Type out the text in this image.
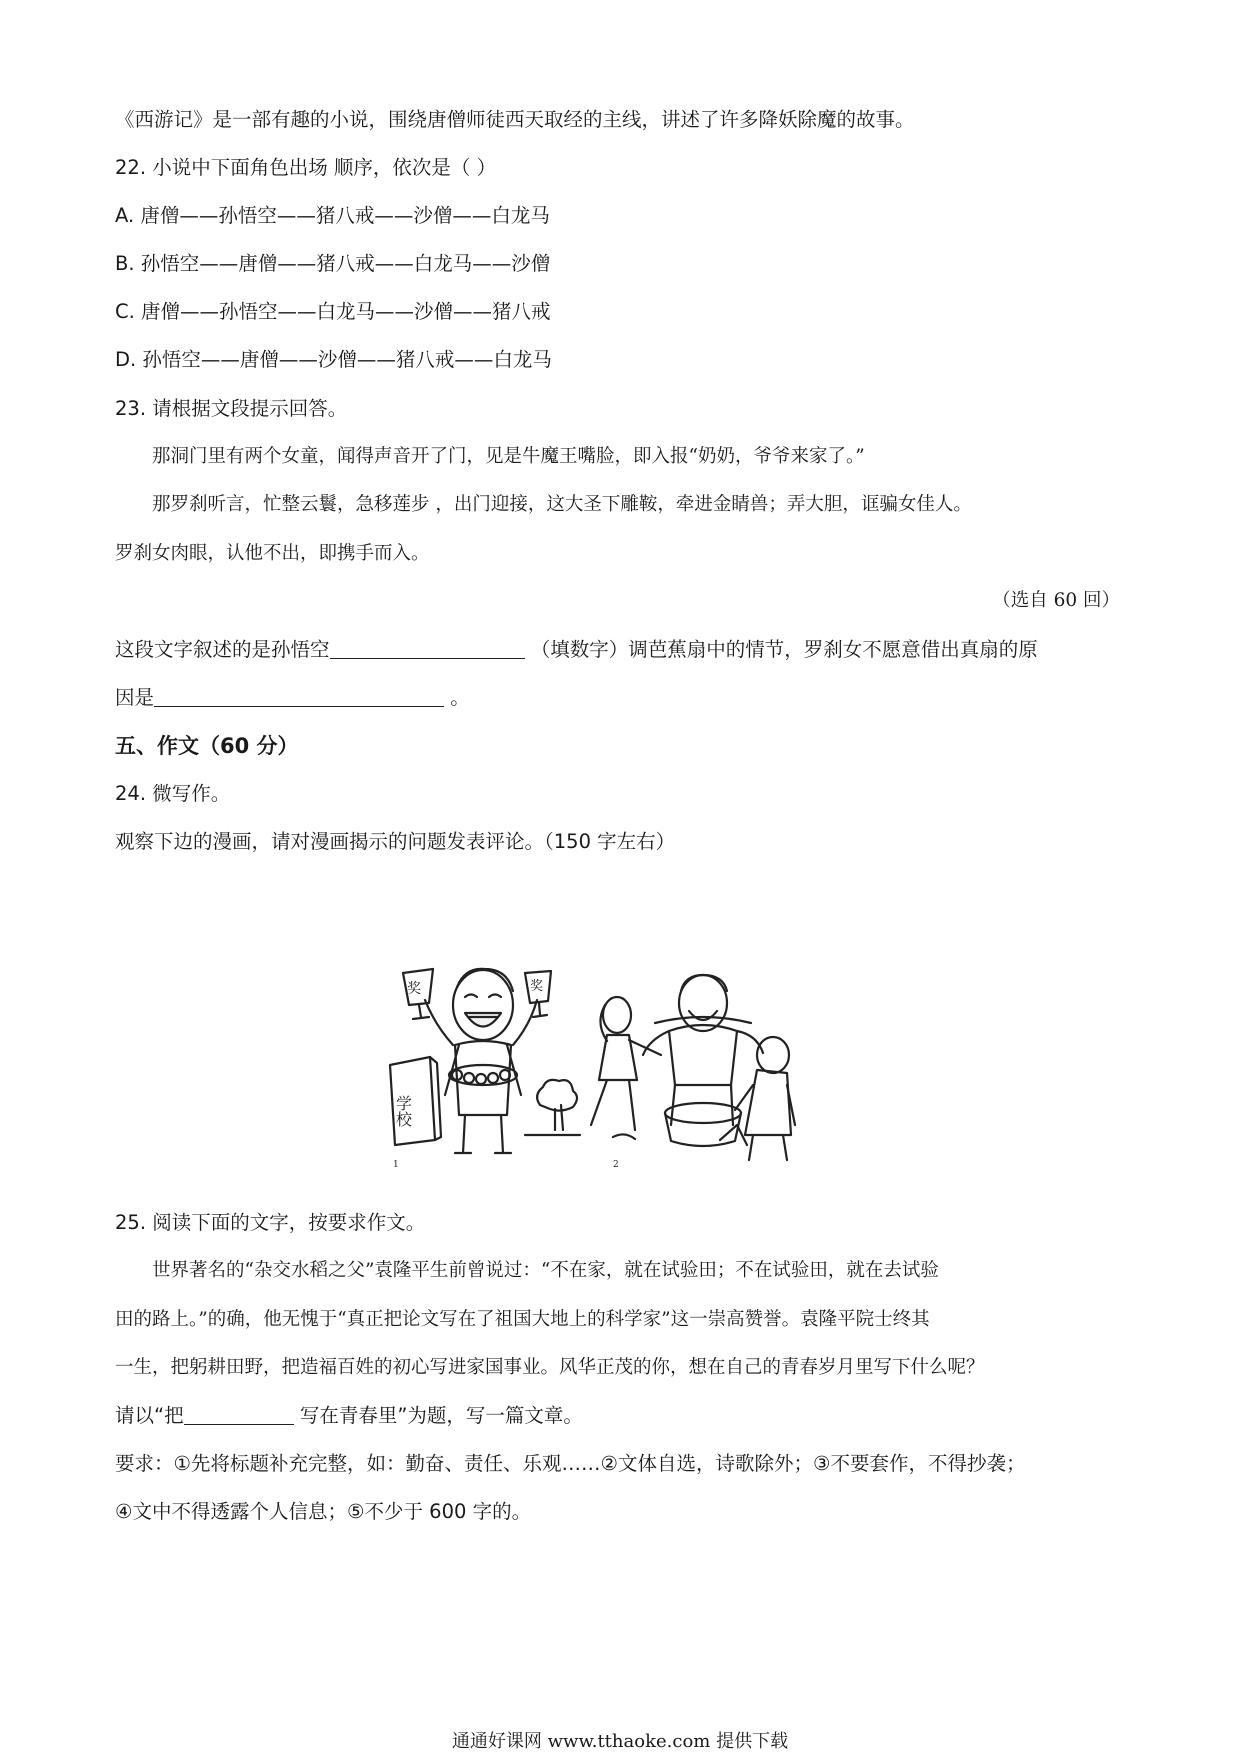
《西游记》是一部有趣的小说，围绕唐僧师徒西天取经的主线，讲述了许多降妖除魔的故事。
22. 小说中下面角色出场 顺序，依次是（ ）
A. 唐僧——孙悟空——猪八戒——沙僧——白龙马
B. 孙悟空——唐僧——猪八戒——白龙马——沙僧
C. 唐僧——孙悟空——白龙马——沙僧——猪八戒
D. 孙悟空——唐僧——沙僧——猪八戒——白龙马
23. 请根据文段提示回答。
那洞门里有两个女童，闻得声音开了门，见是牛魔王嘴脸，即入报“奶奶，爷爷来家了。”
那罗刹听言，忙整云鬟，急移莲步 ，出门迎接，这大圣下雕鞍，牵进金睛兽；弄大胆，诓骗女佳人。
罗刹女肉眼，认他不出，即携手而入。
（选自 60 回）
这段文字叙述的是孙悟空	（填数字）调芭蕉扇中的情节，罗刹女不愿意借出真扇的原
因是	。
五、作文（60 分）
24. 微写作。
观察下边的漫画，请对漫画揭示的问题发表评论。（150 字左右）
奖	奖
学校
1	2
25. 阅读下面的文字，按要求作文。
世界著名的“杂交水稻之父”袁隆平生前曾说过：“不在家，就在试验田；不在试验田，就在去试验
田的路上。”的确，他无愧于“真正把论文写在了祖国大地上的科学家”这一崇高赞誉。袁隆平院士终其
一生，把躬耕田野，把造福百姓的初心写进家国事业。风华正茂的你，想在自己的青春岁月里写下什么呢？
请以“把	写在青春里”为题，写一篇文章。
要求：①先将标题补充完整，如：勤奋、责任、乐观……②文体自选，诗歌除外；③不要套作，不得抄袭；
④文中不得透露个人信息；⑤不少于 600 字的。
通通好课网 www.tthaoke.com 提供下载
